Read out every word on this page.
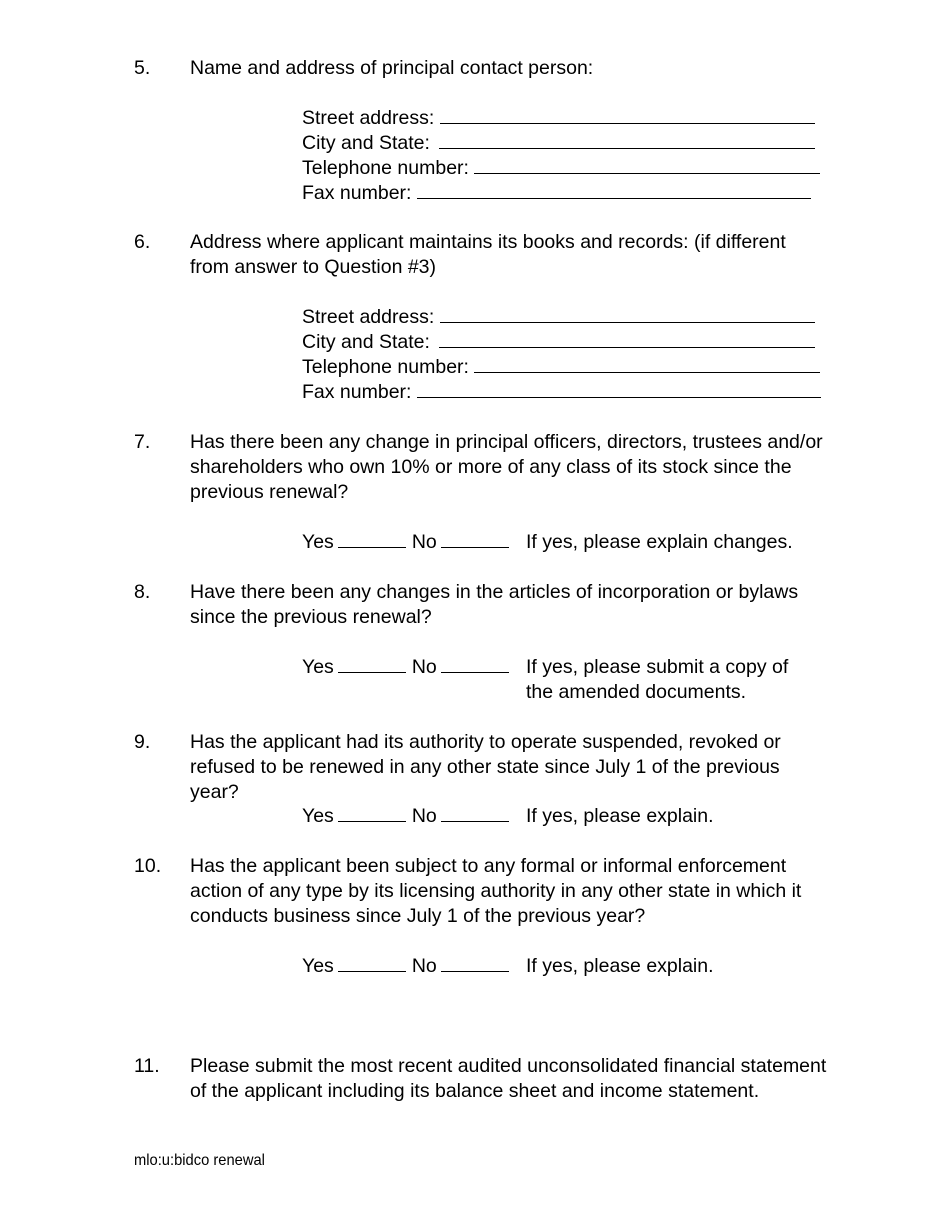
5. Name and address of principal contact person:
Street address:
City and State:
Telephone number:
Fax number:
6. Address where applicant maintains its books and records: (if different from answer to Question #3)
Street address:
City and State:
Telephone number:
Fax number:
7. Has there been any change in principal officers, directors, trustees and/or shareholders who own 10% or more of any class of its stock since the previous renewal?
Yes	No	If yes, please explain changes.
8. Have there been any changes in the articles of incorporation or bylaws since the previous renewal?
Yes	No	If yes, please submit a copy of the amended documents.
9. Has the applicant had its authority to operate suspended, revoked or refused to be renewed in any other state since July 1 of the previous year?
Yes	No	If yes, please explain.
10. Has the applicant been subject to any formal or informal enforcement action of any type by its licensing authority in any other state in which it conducts business since July 1 of the previous year?
Yes	No	If yes, please explain.
11. Please submit the most recent audited unconsolidated financial statement of the applicant including its balance sheet and income statement.
mlo:u:bidco renewal
